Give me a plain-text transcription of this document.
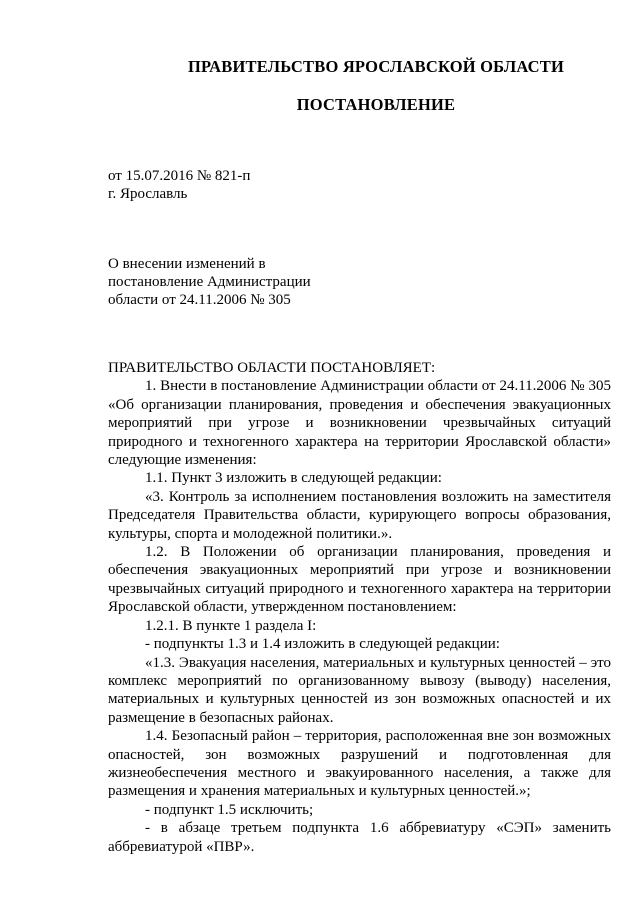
ПРАВИТЕЛЬСТВО ЯРОСЛАВСКОЙ ОБЛАСТИ
ПОСТАНОВЛЕНИЕ
от 15.07.2016 № 821-п
г. Ярославль
О внесении изменений в
постановление Администрации
области от 24.11.2006 № 305

ПРАВИТЕЛЬСТВО ОБЛАСТИ ПОСТАНОВЛЯЕТ:

1. Внести в постановление Администрации области от 24.11.2006 № 305 «Об организации планирования, проведения и обеспечения эвакуационных мероприятий при угрозе и возникновении чрезвычайных ситуаций природного и техногенного характера на территории Ярославской области» следующие изменения:

1.1. Пункт 3 изложить в следующей редакции:

«3. Контроль за исполнением постановления возложить на заместителя Председателя Правительства области, курирующего вопросы образования, культуры, спорта и молодежной политики.».

1.2. В Положении об организации планирования, проведения и обеспечения эвакуационных мероприятий при угрозе и возникновении чрезвычайных ситуаций природного и техногенного характера на территории Ярославской области, утвержденном постановлением:

1.2.1. В пункте 1 раздела I:

- подпункты 1.3 и 1.4 изложить в следующей редакции:

«1.3. Эвакуация населения, материальных и культурных ценностей – это комплекс мероприятий по организованному вывозу (выводу) населения, материальных и культурных ценностей из зон возможных опасностей и их размещение в безопасных районах.

1.4. Безопасный район – территория, расположенная вне зон возможных опасностей, зон возможных разрушений и подготовленная для жизнеобеспечения местного и эвакуированного населения, а также для размещения и хранения материальных и культурных ценностей.»;

- подпункт 1.5 исключить;

- в абзаце третьем подпункта 1.6 аббревиатуру «СЭП» заменить аббревиатурой «ПВР».
